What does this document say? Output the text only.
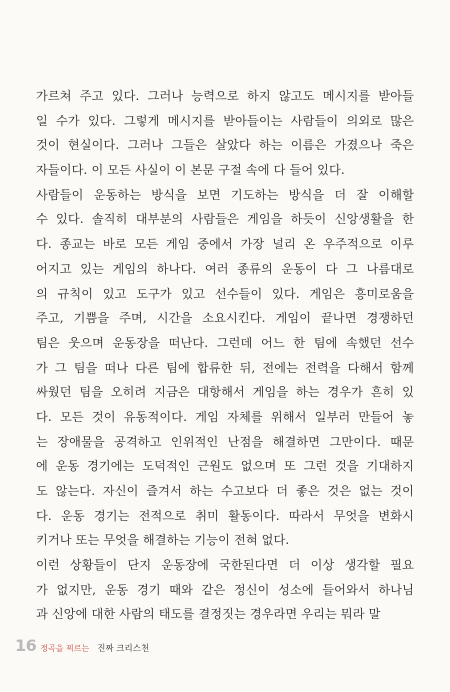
가르쳐 주고 있다. 그러나 능력으로 하지 않고도 메시지를 받아들
일 수가 있다. 그렇게 메시지를 받아들이는 사람들이 의외로 많은
것이 현실이다. 그러나 그들은 살았다 하는 이름은 가졌으나 죽은
자들이다. 이 모든 사실이 이 본문 구절 속에 다 들어 있다.
사람들이 운동하는 방식을 보면 기도하는 방식을 더 잘 이해할
수 있다. 솔직히 대부분의 사람들은 게임을 하듯이 신앙생활을 한
다. 종교는 바로 모든 게임 중에서 가장 널리 온 우주적으로 이루
어지고 있는 게임의 하나다. 여러 종류의 운동이 다 그 나름대로
의 규칙이 있고 도구가 있고 선수들이 있다. 게임은 흥미로움을
주고, 기쁨을 주며, 시간을 소요시킨다. 게임이 끝나면 경쟁하던
팀은 웃으며 운동장을 떠난다. 그런데 어느 한 팀에 속했던 선수
가 그 팀을 떠나 다른 팀에 합류한 뒤, 전에는 전력을 다해서 함께
싸웠던 팀을 오히려 지금은 대항해서 게임을 하는 경우가 흔히 있
다. 모든 것이 유동적이다. 게임 자체를 위해서 일부러 만들어 놓
는 장애물을 공격하고 인위적인 난점을 해결하면 그만이다. 때문
에 운동 경기에는 도덕적인 근원도 없으며 또 그런 것을 기대하지
도 않는다. 자신이 즐겨서 하는 수고보다 더 좋은 것은 없는 것이
다. 운동 경기는 전적으로 취미 활동이다. 따라서 무엇을 변화시
키거나 또는 무엇을 해결하는 기능이 전혀 없다.
이런 상황들이 단지 운동장에 국한된다면 더 이상 생각할 필요
가 없지만, 운동 경기 때와 같은 정신이 성소에 들어와서 하나님
과 신앙에 대한 사람의 태도를 결정짓는 경우라면 우리는 뭐라 말
16 정곡을 찌르는 진짜 크리스천
